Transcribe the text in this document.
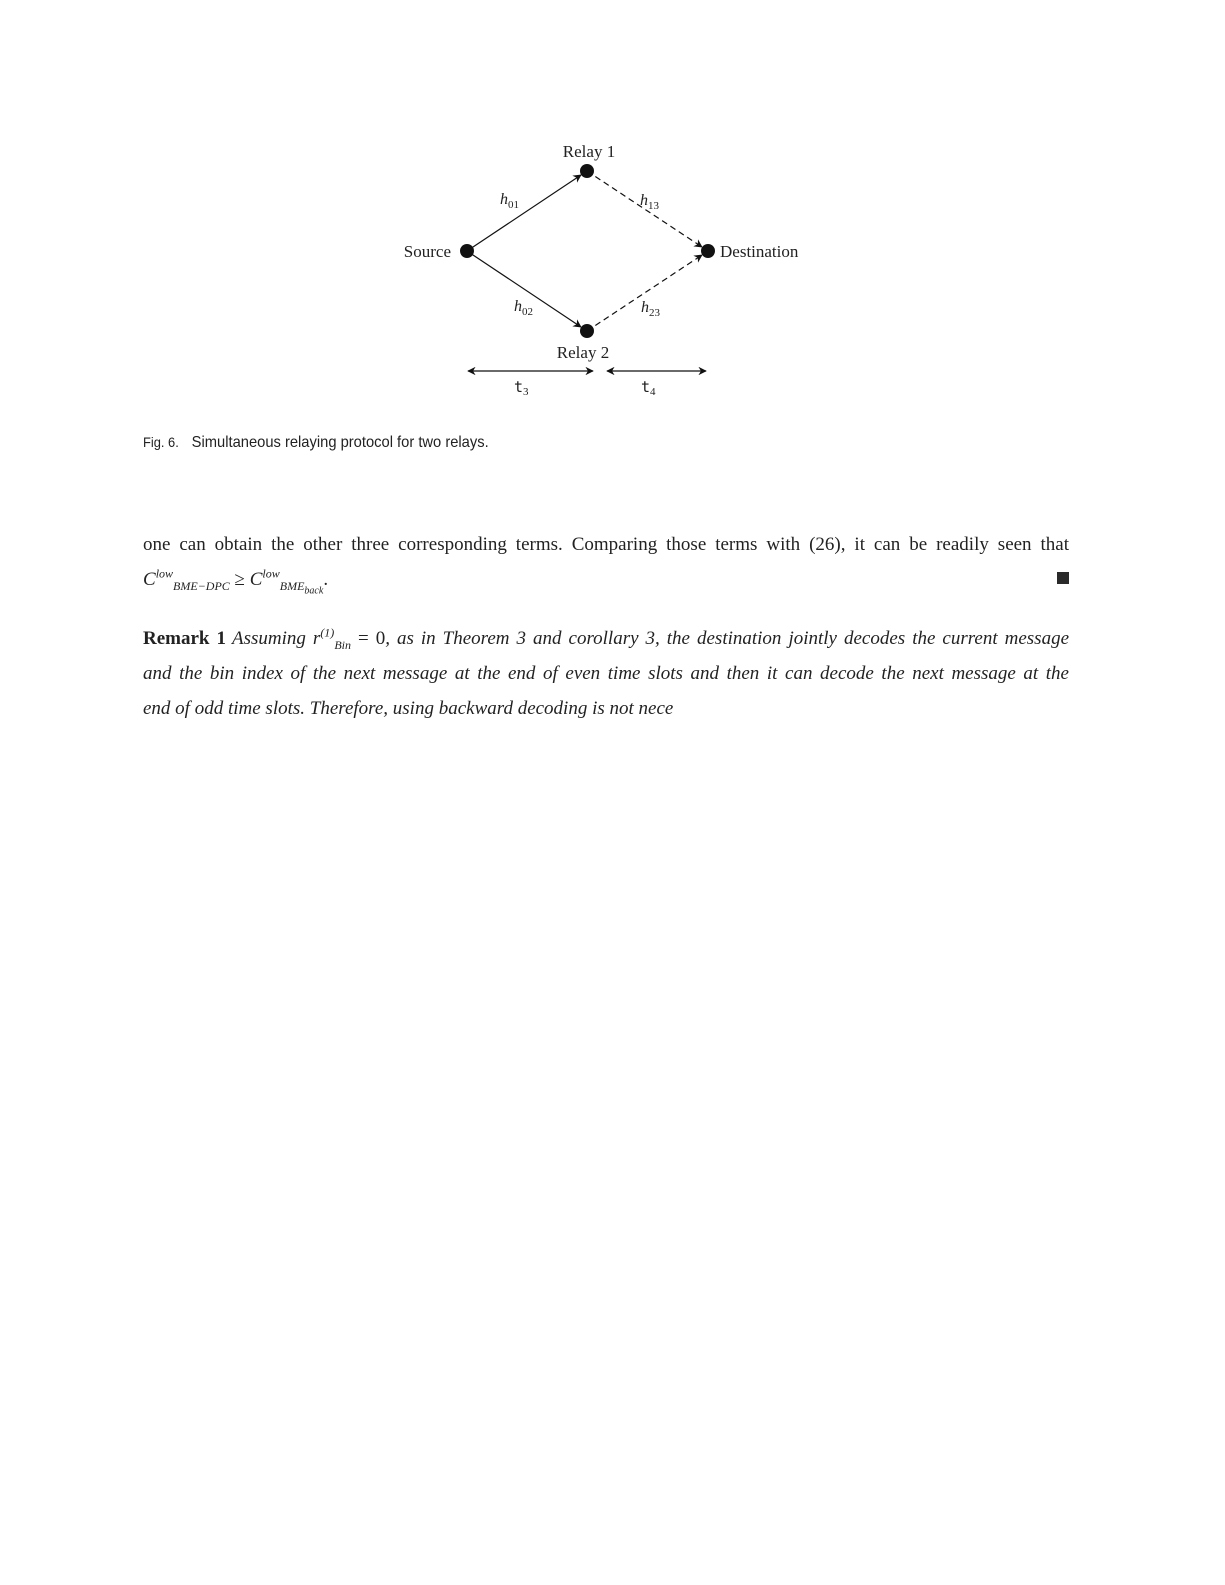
Relay 1
Relay 2
Source	Destination
$h_{01}$	$h_{13}$
$h_{02}$	$h_{23}$
t3	t4
Fig. 6. Simultaneous relaying protocol for two relays.
one can obtain the other three corresponding terms. Comparing those terms with (26), it can be readily seen that
$C^{low}_{BME-DPC} \ge C^{low}_{BME_{back}}$.
Remark 1 Assuming $r^{(1)}_{Bin} = 0$, as in Theorem 3 and corollary 3, the destination jointly decodes the current message
and the bin index of the next message at the end of even time slots and then it can decode the next message at the
end of odd time slots. Therefore, using backward decoding is not nece
